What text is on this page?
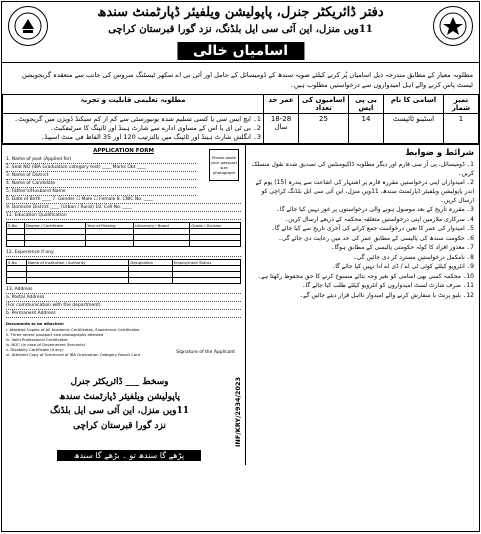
دفتر ڈائریکٹر جنرل، پاپولیشن ویلفیئر ڈپارٹمنٹ سندھ
11ویں منزل، این آئی سی ایل بلڈنگ، نزد گورا قبرستان کراچی
اسامیاں خالی
مطلوبہ معیار کے مطابق مندرجہ ذیل اسامیاں پُر کرنے کیلئے صوبہ سندھ کے ڈومیسائل کے حامل اور آئی بی اے سکھر ٹیسٹنگ سروس کی جانب سے منعقدہ گریجویشن ٹیسٹ پاس کرنے والے اہل امیدواروں سے درخواستیں مطلوب ہیں۔
نمبر شمار	اسامی کا نام	بی پی ایس	اسامیوں کی تعداد	عمر حد	مطلوبہ تعلیمی قابلیت و تجربہ
1	اسٹینو ٹائپسٹ	14	25	18-28 سال	1۔ ایچ ایس سی یا کسی تسلیم شدہ یونیورسٹی سے کم از کم سیکنڈ ڈویژن میں گریجویٹ۔
2۔ بی ٹی ای یا اس کے مساوی ادارے سے شارٹ ہینڈ اور ٹائپنگ کا سرٹیفکیٹ۔
3۔ انگلش شارٹ ہینڈ اور ٹائپنگ میں بالترتیب 120 اور 35 الفاظ فی منٹ اسپیڈ۔
APPLICATION FORM
Please paste your passport size photograph
1. Name of post (Applied for)
2. Seat NO (IBA Graduation category test) ____ Marks Obt ____
3. Name of District
4. Name of Candidate
5. Father's/Husband Name
6. Date of Birth ____ 7. Gender ☐ Male ☐ Female 8. CNIC No. ____
9. Domicile District ____ (Urban / Rural) 10. Cell No. ____
11. Education Qualification
S.No	Degree / Certificate	Year of Passing	University / Board	Grade / Division

12. Experience if any.
S.No	Name of Institution / Authority	Designation	Employment Status

13. Address
a. Postal Address
(For communication with the department)
b. Permanent Address
Documents to be attached:
i. Attested Copies of All Academic Certificates, Experience Certificates
ii. Three recent passport size photographs attested
iii. Valid Professional Certificates
iv. NOC (in case of Government Servants)
v. Disability Certificate (if any)
vi. Attested Copy of Scorecard of IBA Graduation Category Result Card	Signature of the Applicant
وسخط ___ ڈائریکٹر جنرل
پاپولیشن ویلفیئر ڈپارٹمنٹ سندھ
11ویں منزل، این آئی سی ایل بلڈنگ
نزد گورا قبرستان کراچی	INF/KRY/2934/2023
پڑھے گا سندھ تو ۔ بڑھے گا سندھ
شرائط و ضوابط
1۔ ڈومیسائل، پی آر سی فارم اور دیگر مطلوبہ ڈاکیومنٹس کی تصدیق شدہ نقول منسلک کریں۔
2۔ امیدواران اپنی درخواستیں مقررہ فارم پر اشتہار کی اشاعت سے پندرہ (15) یوم کے اندر پاپولیشن ویلفیئر ڈپارٹمنٹ سندھ، 11ویں منزل، این آئی سی ایل بلڈنگ کراچی کو ارسال کریں۔
3۔ مقررہ تاریخ کے بعد موصول ہونے والی درخواستوں پر غور نہیں کیا جائے گا۔
4۔ سرکاری ملازمین اپنی درخواستیں متعلقہ محکمہ کے ذریعے ارسال کریں۔
5۔ امیدوار کی عمر کا تعین درخواست جمع کرانے کی آخری تاریخ سے کیا جائے گا۔
6۔ حکومت سندھ کی پالیسی کے مطابق عمر کی حد میں رعایت دی جائے گی۔
7۔ معذور افراد کا کوٹہ حکومتی پالیسی کے مطابق ہوگا۔
8۔ نامکمل درخواستیں مسترد کر دی جائیں گی۔
9۔ انٹرویو کیلئے کوئی ٹی اے / ڈی اے ادا نہیں کیا جائے گا۔
10۔ محکمہ کسی بھی اسامی کو بغیر وجہ بتائے منسوخ کرنے کا حق محفوظ رکھتا ہے۔
11۔ صرف شارٹ لسٹ امیدواروں کو انٹرویو کیلئے طلب کیا جائے گا۔
12۔ بلیو پرنٹ یا سفارش کرنے والے امیدوار نااہل قرار دیئے جائیں گے۔
